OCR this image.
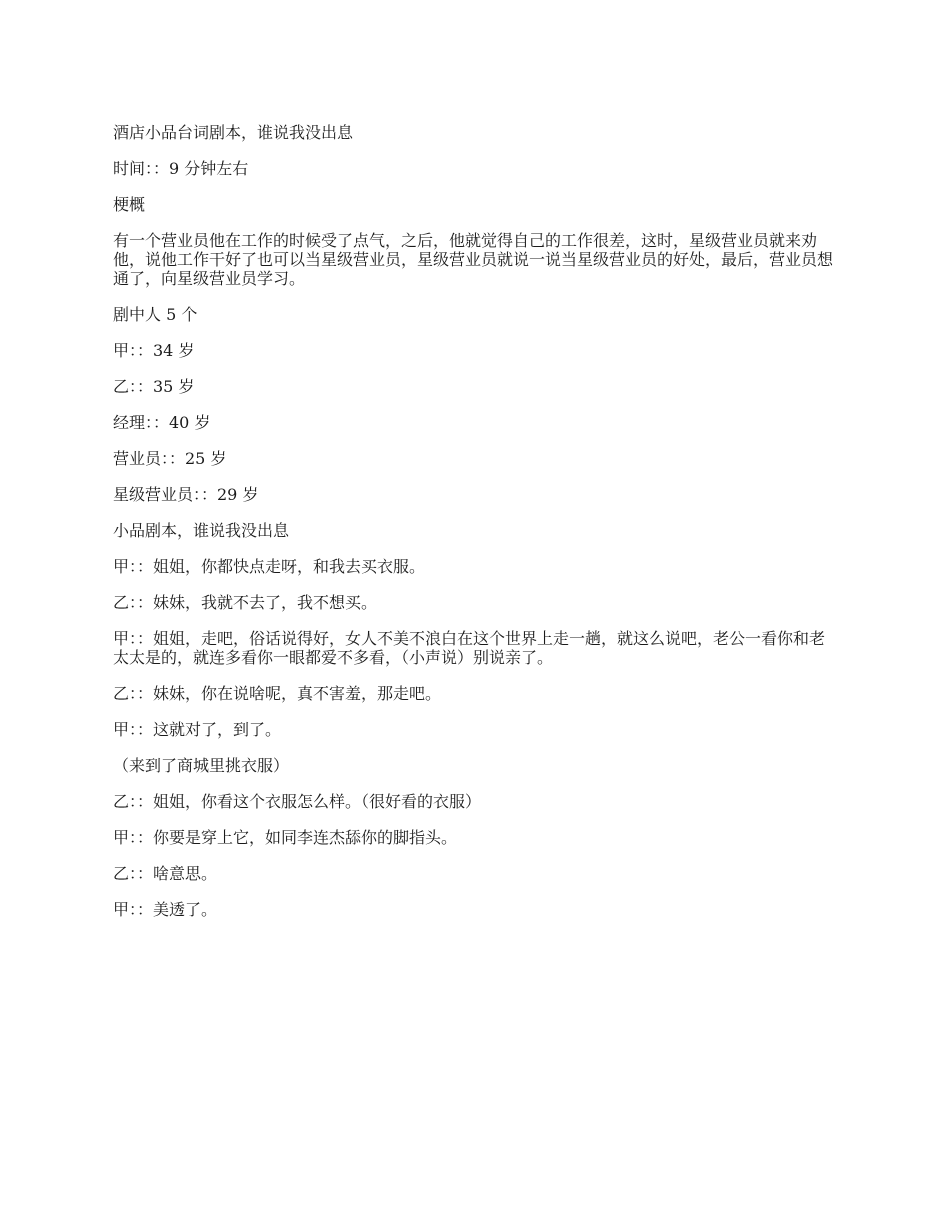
酒店小品台词剧本，谁说我没出息

时间：：9 分钟左右

梗概

有一个营业员他在工作的时候受了点气，之后，他就觉得自己的工作很差，这时，星级营业员就来劝他，说他工作干好了也可以当星级营业员，星级营业员就说一说当星级营业员的好处，最后，营业员想通了，向星级营业员学习。

剧中人 5 个

甲：：34 岁

乙：：35 岁

经理：：40 岁

营业员：：25 岁

星级营业员：：29 岁

小品剧本，谁说我没出息

甲：：姐姐，你都快点走呀，和我去买衣服。

乙：：妹妹，我就不去了，我不想买。

甲：：姐姐，走吧，俗话说得好，女人不美不浪白在这个世界上走一趟，就这么说吧，老公一看你和老太太是的，就连多看你一眼都爱不多看，（小声说）别说亲了。

乙：：妹妹，你在说啥呢，真不害羞，那走吧。

甲：：这就对了，到了。

（来到了商城里挑衣服）

乙：：姐姐，你看这个衣服怎么样。（很好看的衣服）

甲：：你要是穿上它，如同李连杰舔你的脚指头。

乙：：啥意思。

甲：：美透了。
